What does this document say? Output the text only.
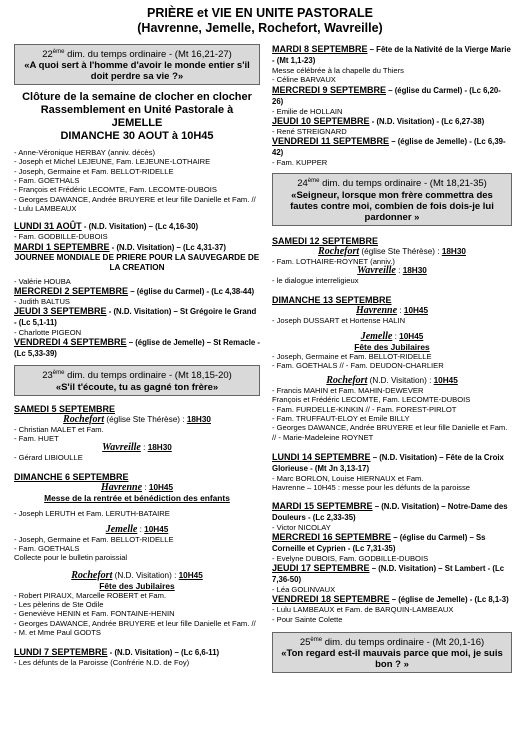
PRIÈRE et VIE EN UNITE PASTORALE
(Havrenne, Jemelle, Rochefort, Wavreille)
22ème dim. du temps ordinaire - (Mt 16,21-27)
«A quoi sert à l'homme d'avoir le monde entier s'il doit perdre sa vie ?»
Clôture de la semaine de clocher en clocher
Rassemblement en Unité Pastorale à
JEMELLE
DIMANCHE 30 AOUT à 10H45
- Anne-Véronique HERBAY (anniv. décès)
- Joseph et Michel LEJEUNE, Fam. LEJEUNE-LOTHAIRE
- Joseph, Germaine et Fam. BELLOT-RIDELLE
- Fam. GOETHALS
- François et Frédéric LECOMTE, Fam. LECOMTE-DUBOIS
- Georges DAWANCE, Andrée BRUYERE et leur fille Danielle et Fam. // - Lulu LAMBEAUX
LUNDI 31 AOÛT - (N.D. Visitation) – (Lc 4,16-30)
- Fam. GODBILLE-DUBOIS
MARDI 1 SEPTEMBRE - (N.D. Visitation) – (Lc 4,31-37)
JOURNEE MONDIALE DE PRIERE POUR LA SAUVEGARDE DE LA CREATION
- Valérie HOUBA
MERCREDI 2 SEPTEMBRE – (église du Carmel) - (Lc 4,38-44)
- Judith BALTUS
JEUDI 3 SEPTEMBRE - (N.D. Visitation) – St Grégoire le Grand - (Lc 5,1-11)
- Charlotte PIGEON
VENDREDI 4 SEPTEMBRE – (église de Jemelle) – St Remacle - (Lc 5,33-39)
23ème dim. du temps ordinaire - (Mt 18,15-20)
«S'il t'écoute, tu as gagné ton frère»
SAMEDI 5 SEPTEMBRE
Rochefort (église Ste Thérèse) : 18H30
- Christian MALET et Fam.
- Fam. HUET
Wavreille : 18H30
- Gérard LIBIOULLE
DIMANCHE 6 SEPTEMBRE
Havrenne : 10H45
Messe de la rentrée et bénédiction des enfants
- Joseph LERUTH et Fam. LERUTH-BATAIRE
Jemelle : 10H45
- Joseph, Germaine et Fam. BELLOT-RIDELLE
- Fam. GOETHALS
Collecte pour le bulletin paroissial
Rochefort (N.D. Visitation) : 10H45
Fête des Jubilaires
- Robert PIRAUX, Marcelle ROBERT et Fam.
- Les pèlerins de Ste Odile
- Geneviève HENIN et Fam. FONTAINE-HENIN
- Georges DAWANCE, Andrée BRUYERE et leur fille Danielle et Fam. // - M. et Mme Paul GODTS
LUNDI 7 SEPTEMBRE - (N.D. Visitation) – (Lc 6,6-11)
- Les défunts de la Paroisse (Confrérie N.D. de Foy)
MARDI 8 SEPTEMBRE – Fête de la Nativité de la Vierge Marie - (Mt 1,1-23)
Messe célébrée à la chapelle du Thiers
- Céline BARVAUX
MERCREDI 9 SEPTEMBRE – (église du Carmel) - (Lc 6,20-26)
- Emilie de HOLLAIN
JEUDI 10 SEPTEMBRE - (N.D. Visitation) - (Lc 6,27-38)
- René STREIGNARD
VENDREDI 11 SEPTEMBRE – (église de Jemelle) - (Lc 6,39-42)
- Fam. KUPPER
24ème dim. du temps ordinaire - (Mt 18,21-35)
«Seigneur, lorsque mon frère commettra des fautes contre moi, combien de fois dois-je lui pardonner »
SAMEDI 12 SEPTEMBRE
Rochefort (église Ste Thérèse) : 18H30
- Fam. LOTHAIRE-ROYNET (anniv.)
Wavreille : 18H30
- le dialogue interreligieux
DIMANCHE 13 SEPTEMBRE
Havrenne : 10H45
- Joseph DUSSART et Hortense HALIN
Jemelle : 10H45
Fête des Jubilaires
- Joseph, Germaine et Fam. BELLOT-RIDELLE
- Fam. GOETHALS // - Fam. DEUDON-CHARLIER
Rochefort (N.D. Visitation) : 10H45
- Francis MAHIN et Fam. MAHIN-DEWEVER
François et Frédéric LECOMTE, Fam. LECOMTE-DUBOIS
- Fam. FURDELLE-KINKIN // - Fam. FOREST-PIRLOT
- Fam. TRUFFAUT-ELOY et Emile BILLY
- Georges DAWANCE, Andrée BRUYERE et leur fille Danielle et Fam. // - Marie-Madeleine ROYNET
LUNDI 14 SEPTEMBRE – (N.D. Visitation) – Fête de la Croix Glorieuse - (Mt Jn 3,13-17)
- Marc BORLON, Louise HIERNAUX et Fam.
Havrenne – 10H45 : messe pour les défunts de la paroisse
MARDI 15 SEPTEMBRE – (N.D. Visitation) – Notre-Dame des Douleurs - (Lc 2,33-35)
- Victor NICOLAY
MERCREDI 16 SEPTEMBRE – (église du Carmel) – Ss Corneille et Cyprien - (Lc 7,31-35)
- Evelyne DUBOIS, Fam. GODBILLE-DUBOIS
JEUDI 17 SEPTEMBRE – (N.D. Visitation) – St Lambert - (Lc 7,36-50)
- Léa GOLINVAUX
VENDREDI 18 SEPTEMBRE – (église de Jemelle) - (Lc 8,1-3)
- Lulu LAMBEAUX et Fam. de BARQUIN-LAMBEAUX
- Pour Sainte Colette
25ème dim. du temps ordinaire - (Mt 20,1-16)
«Ton regard est-il mauvais parce que moi, je suis bon ? »
